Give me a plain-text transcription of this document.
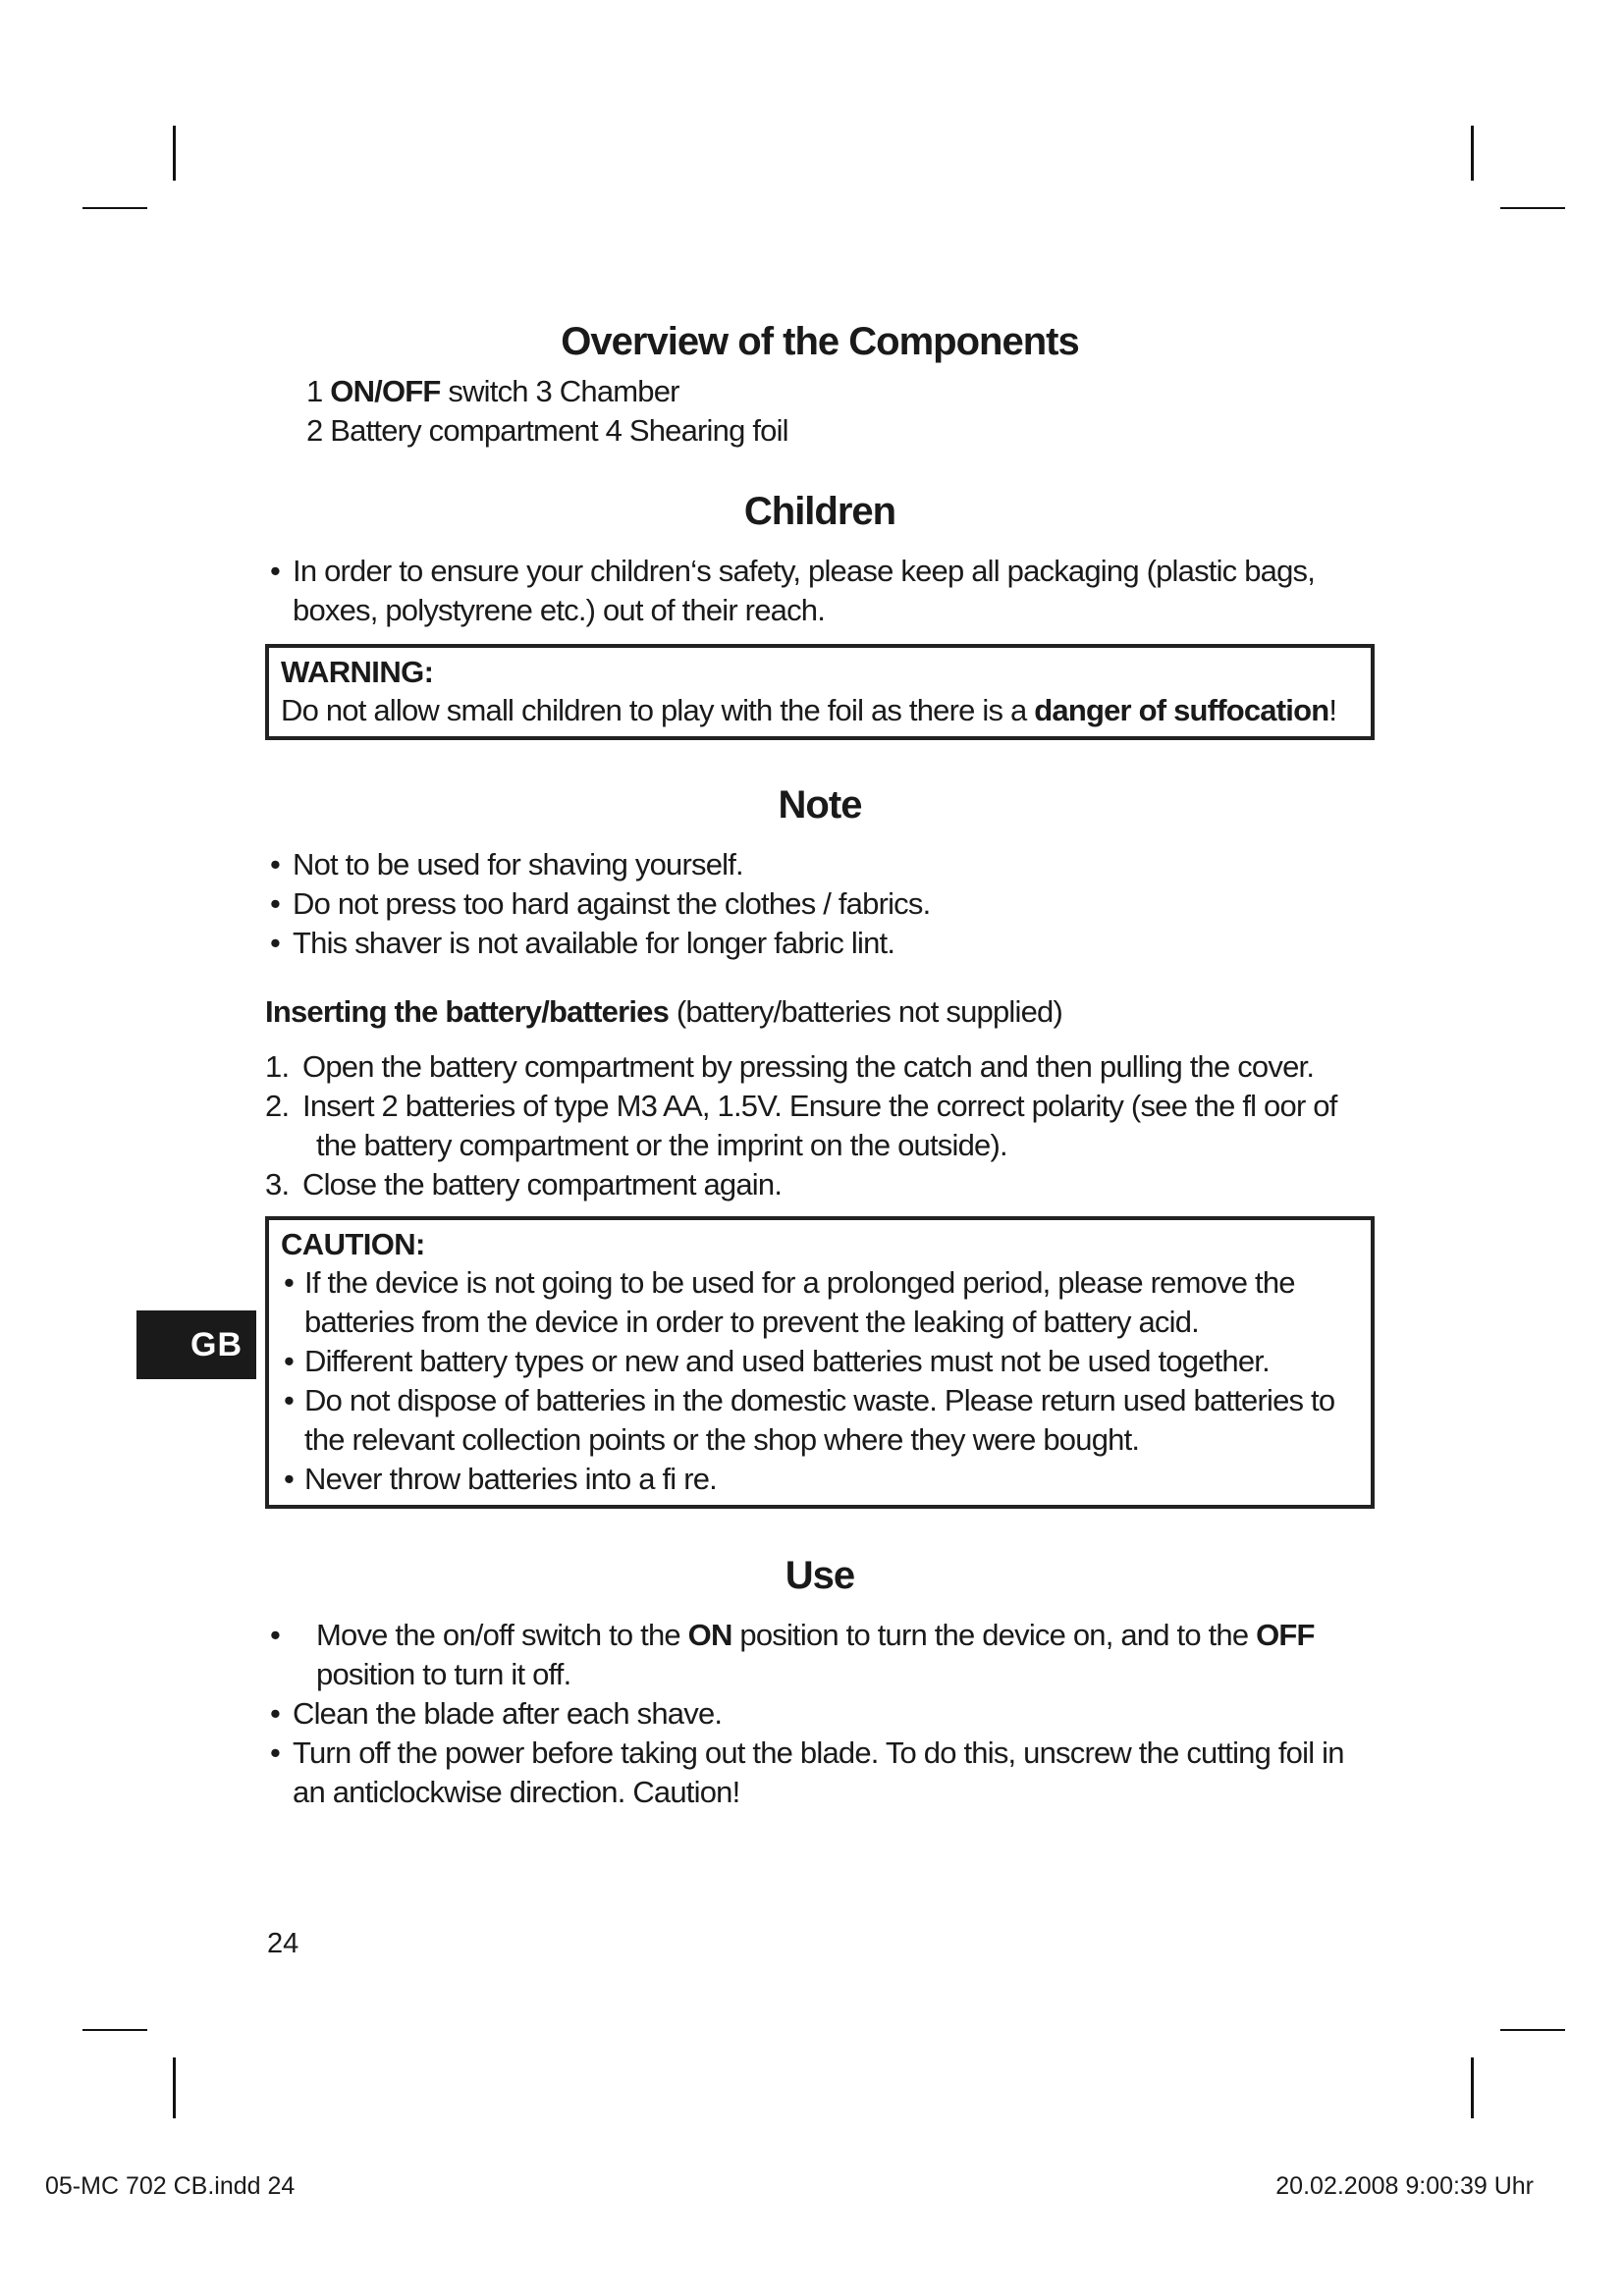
Overview of the Components
1 ON/OFF switch 3 Chamber
2 Battery compartment 4 Shearing foil
Children
• In order to ensure your children‘s safety, please keep all packaging (plastic bags, boxes, polystyrene etc.) out of their reach.
WARNING:
Do not allow small children to play with the foil as there is a danger of suffocation!
Note
• Not to be used for shaving yourself.
• Do not press too hard against the clothes / fabrics.
• This shaver is not available for longer fabric lint.
Inserting the battery/batteries (battery/batteries not supplied)
1. Open the battery compartment by pressing the catch and then pulling the cover.
2. Insert 2 batteries of type M3 AA, 1.5V. Ensure the correct polarity (see the fl oor of the battery compartment or the imprint on the outside).
3. Close the battery compartment again.
CAUTION:
• If the device is not going to be used for a prolonged period, please remove the batteries from the device in order to prevent the leaking of battery acid.
• Different battery types or new and used batteries must not be used together.
• Do not dispose of batteries in the domestic waste. Please return used batteries to the relevant collection points or the shop where they were bought.
• Never throw batteries into a fi re.
Use
• Move the on/off switch to the ON position to turn the device on, and to the OFF position to turn it off.
• Clean the blade after each shave.
• Turn off the power before taking out the blade. To do this, unscrew the cutting foil in an anticlockwise direction. Caution!
GB
24
05-MC 702 CB.indd 24	20.02.2008 9:00:39 Uhr
